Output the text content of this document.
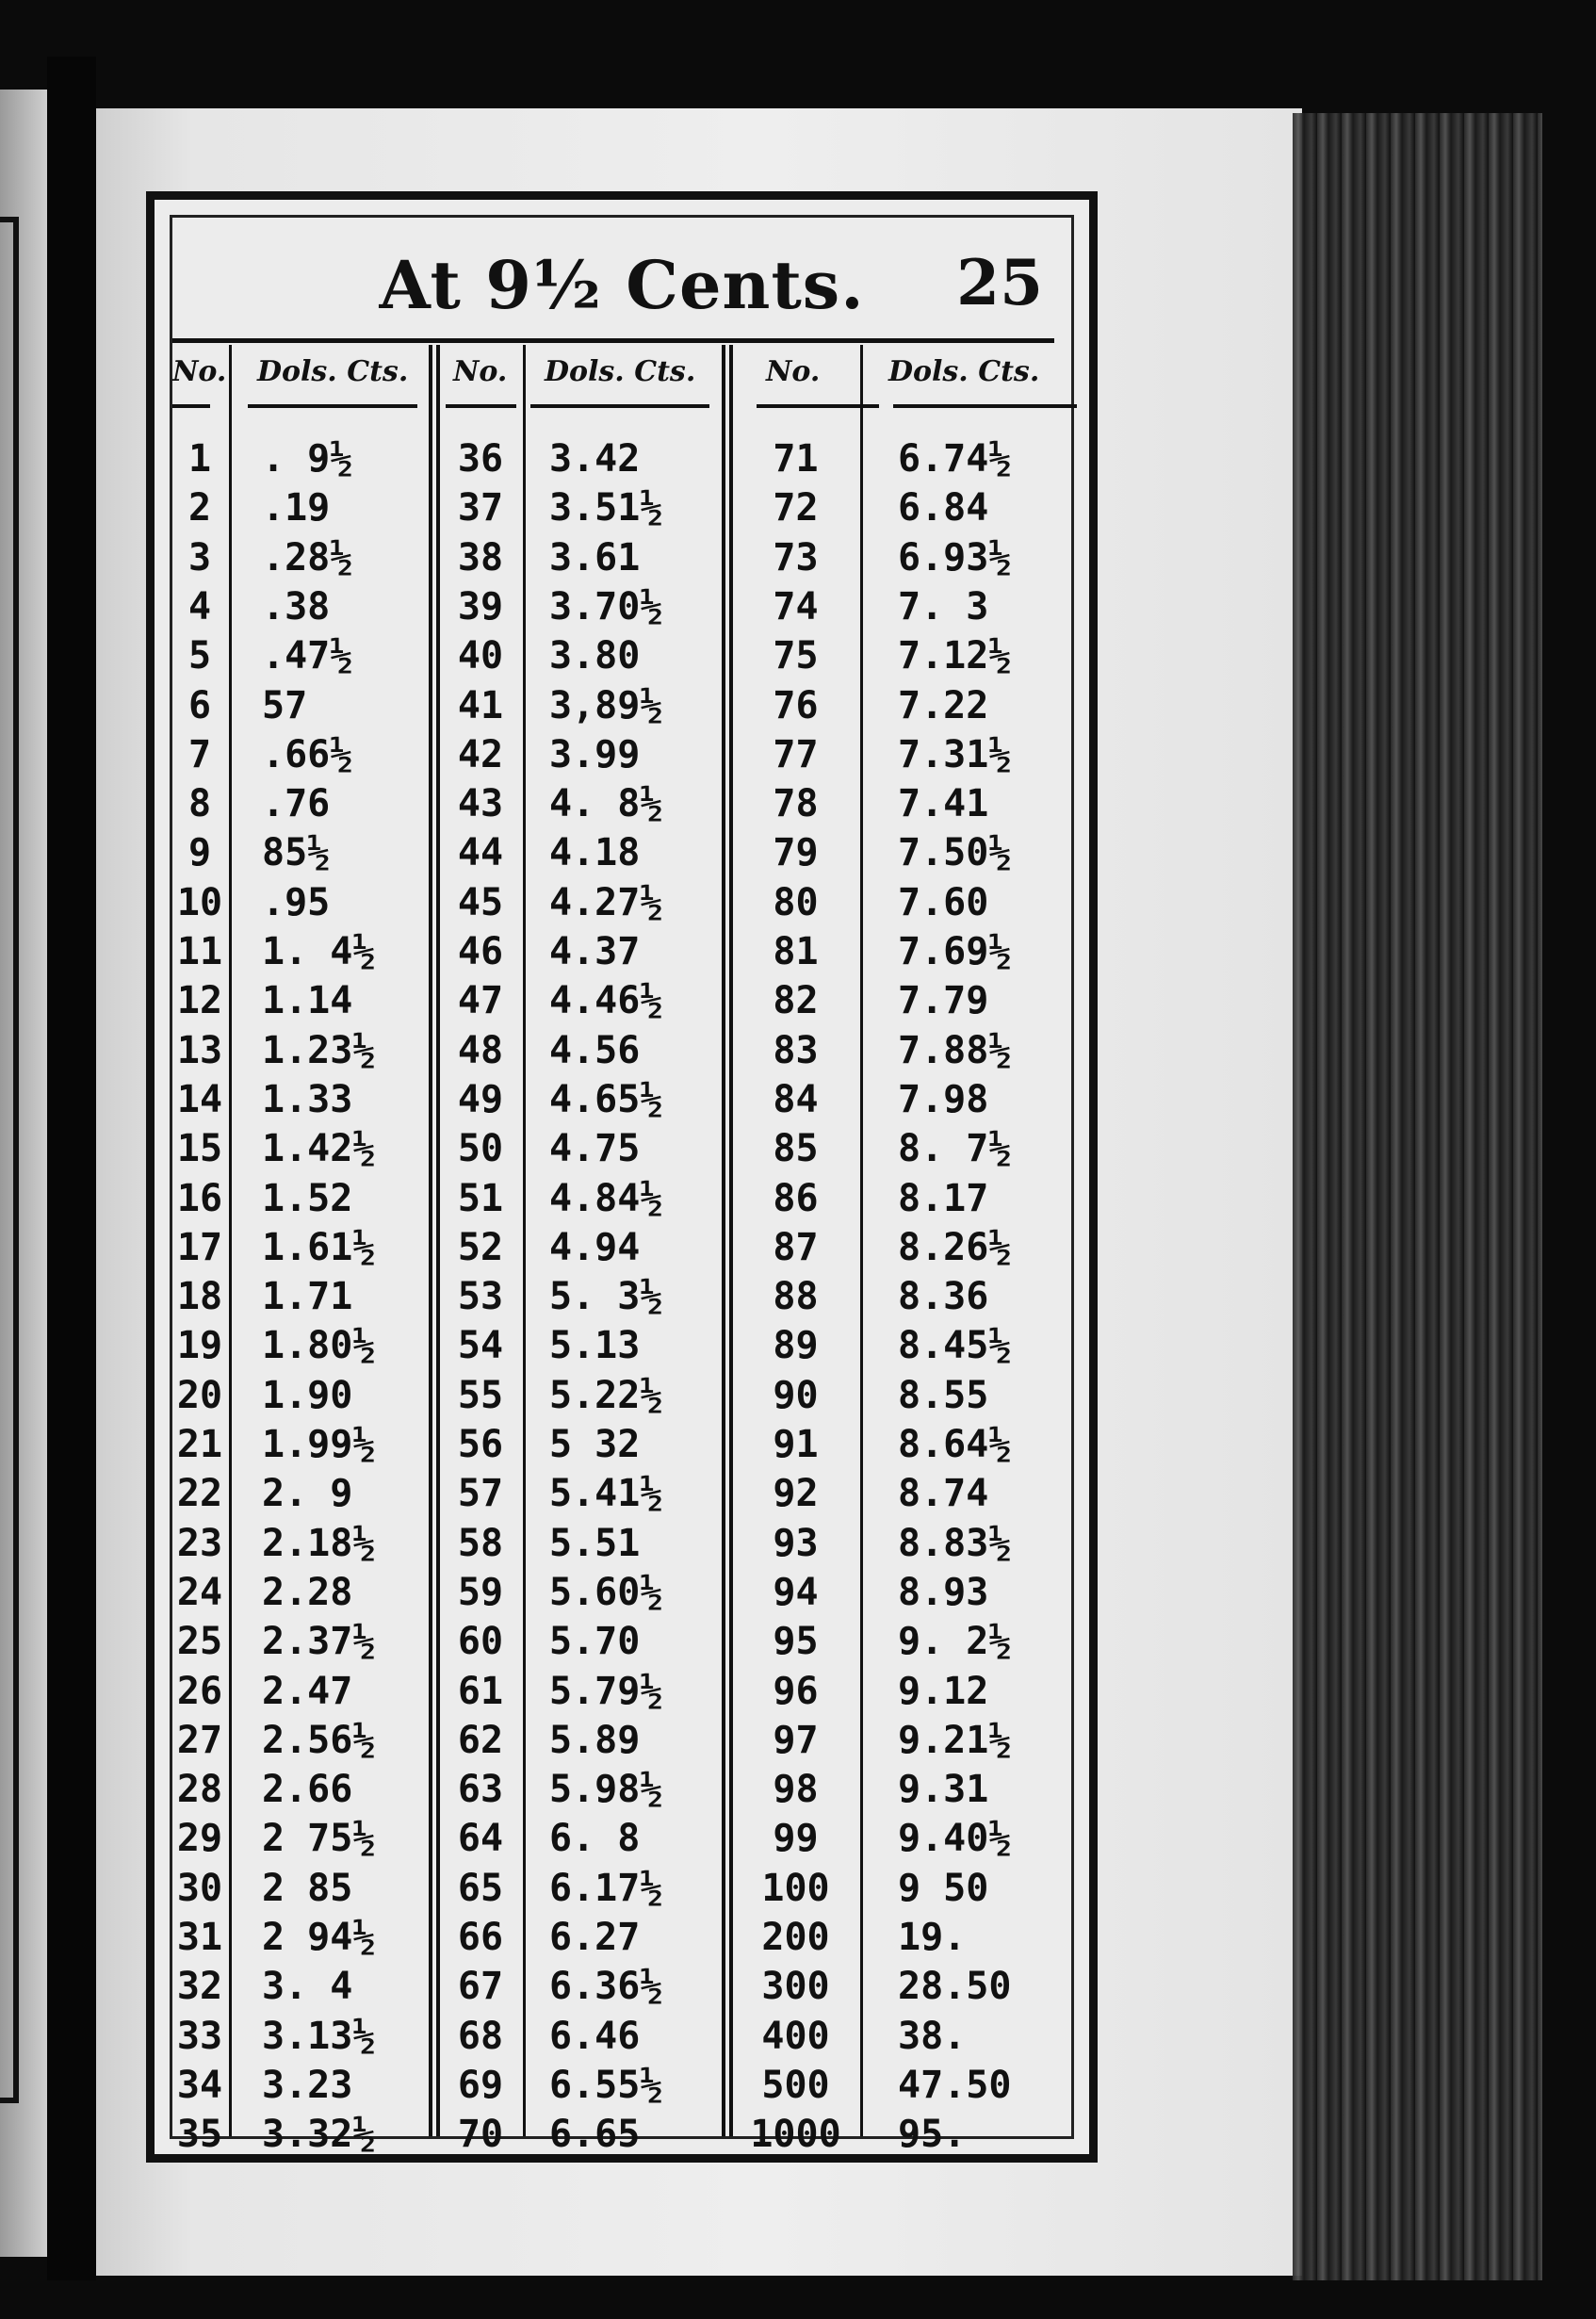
At 9½ Cents.	25
No. Dols. Cts. No. Dols. Cts. No. Dols. Cts.
1	. 9½	36	3.42	71	6.74½
2	.19	37	3.51½	72	6.84
3	.28½	38	3.61	73	6.93½
4	.38	39	3.70½	74	7. 3
5	.47½	40	3.80	75	7.12½
6	57	41	3,89½	76	7.22
7	.66½	42	3.99	77	7.31½
8	.76	43	4. 8½	78	7.41
9	85½	44	4.18	79	7.50½
10 .95	45	4.27½	80	7.60
11 1. 4½	46	4.37	81	7.69½
12 1.14	47	4.46½	82	7.79
13 1.23½	48	4.56	83	7.88½
14 1.33	49	4.65½	84	7.98
15 1.42½	50	4.75	85	8. 7½
16 1.52	51	4.84½	86	8.17
17 1.61½	52	4.94	87	8.26½
18 1.71	53	5. 3½	88	8.36
19 1.80½	54	5.13	89	8.45½
20 1.90	55	5.22½	90	8.55
21 1.99½	56	5 32	91	8.64½
22 2. 9	57	5.41½	92	8.74
23 2.18½	58	5.51	93	8.83½
24 2.28	59	5.60½	94	8.93
25 2.37½	60	5.70	95	9. 2½
26 2.47	61	5.79½	96	9.12
27 2.56½	62	5.89	97	9.21½
28 2.66	63	5.98½	98	9.31
29 2 75½	64	6. 8	99	9.40½
30 2 85	65	6.17½	100	9 50
31 2 94½	66	6.27	200	19.
32 3. 4	67	6.36½	300	28.50
33 3.13½	68	6.46	400	38.
34 3.23	69	6.55½	500	47.50
35 3.32½	70	6.65	1000	95.
